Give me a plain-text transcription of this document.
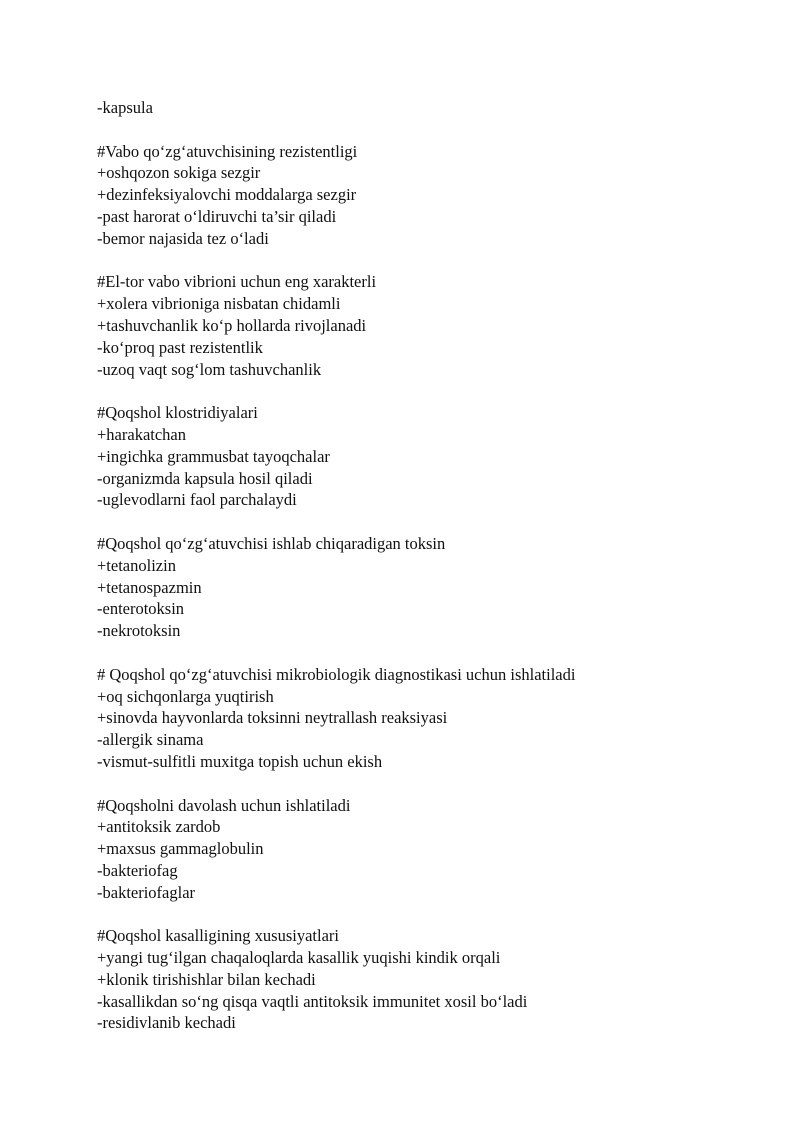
-kapsula
#Vabo qo‘zg‘atuvchisining rezistentligi
+oshqozon sokiga sezgir
+dezinfeksiyalovchi moddalarga sezgir
-past harorat o‘ldiruvchi ta’sir qiladi
-bemor najasida tez o‘ladi
#El-tor vabo vibrioni uchun eng xarakterli
+xolera vibrioniga nisbatan chidamli
+tashuvchanlik ko‘p hollarda rivojlanadi
-ko‘proq past rezistentlik
-uzoq vaqt sog‘lom tashuvchanlik
#Qoqshol klostridiyalari
+harakatchan
+ingichka grammusbat tayoqchalar
-organizmda kapsula hosil qiladi
-uglevodlarni faol parchalaydi
#Qoqshol qo‘zg‘atuvchisi ishlab chiqaradigan toksin
+tetanolizin
+tetanospazmin
-enterotoksin
-nekrotoksin
# Qoqshol qo‘zg‘atuvchisi mikrobiologik diagnostikasi uchun ishlatiladi
+oq sichqonlarga yuqtirish
+sinovda hayvonlarda toksinni neytrallash reaksiyasi
-allergik sinama
-vismut-sulfitli muxitga topish uchun ekish
#Qoqsholni davolash uchun ishlatiladi
+antitoksik zardob
+maxsus gammaglobulin
-bakteriofag
-bakteriofaglar
#Qoqshol kasalligining xususiyatlari
+yangi tug‘ilgan chaqaloqlarda kasallik yuqishi kindik orqali
+klonik tirishishlar bilan kechadi
-kasallikdan so‘ng qisqa vaqtli antitoksik immunitet xosil bo‘ladi
-residivlanib kechadi
